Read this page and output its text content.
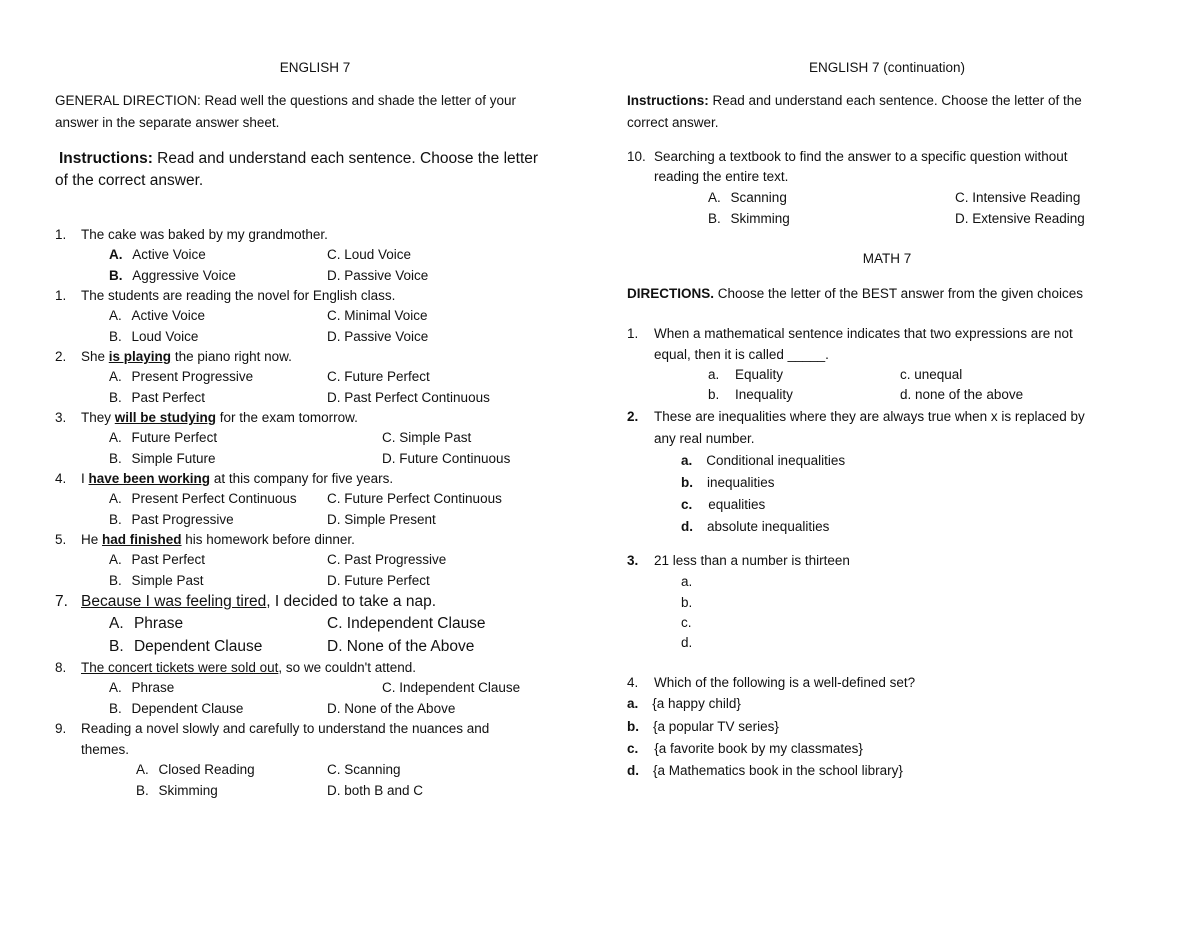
ENGLISH 7
GENERAL DIRECTION: Read well the questions and shade the letter of your
answer in the separate answer sheet.
Instructions: Read and understand each sentence. Choose the letter
of the correct answer.
1. The cake was baked by my grandmother.
A. Active Voice	C. Loud Voice
B. Aggressive Voice	D. Passive Voice
1. The students are reading the novel for English class.
A. Active Voice	C. Minimal Voice
B. Loud Voice	D. Passive Voice
2. She is playing the piano right now.
A. Present Progressive	C. Future Perfect
B. Past Perfect	D. Past Perfect Continuous
3. They will be studying for the exam tomorrow.
A. Future Perfect	C. Simple Past
B. Simple Future	D. Future Continuous
4. I have been working at this company for five years.
A. Present Perfect Continuous C. Future Perfect Continuous
B. Past Progressive	D. Simple Present
5. He had finished his homework before dinner.
A. Past Perfect	C. Past Progressive
B. Simple Past	D. Future Perfect
7. Because I was feeling tired, I decided to take a nap.
A. Phrase	C. Independent Clause
B. Dependent Clause	D. None of the Above
8. The concert tickets were sold out, so we couldn't attend.
A. Phrase	C. Independent Clause
B. Dependent Clause	D. None of the Above
9. Reading a novel slowly and carefully to understand the nuances and
themes.
A. Closed Reading	C. Scanning
B. Skimming	D. both B and C
ENGLISH 7 (continuation)
Instructions: Read and understand each sentence. Choose the letter of the
correct answer.
10. Searching a textbook to find the answer to a specific question without
reading the entire text.
A. Scanning	C. Intensive Reading
B. Skimming	D. Extensive Reading
MATH 7
DIRECTIONS. Choose the letter of the BEST answer from the given choices
1. When a mathematical sentence indicates that two expressions are not
equal, then it is called _____.
a. Equality	c. unequal
b. Inequality	d. none of the above
2. These are inequalities where they are always true when x is replaced by
any real number.
a. Conditional inequalities
b. inequalities
c. equalities
d. absolute inequalities
3. 21 less than a number is thirteen
a.
b.
c.
d.
4. Which of the following is a well-defined set?
a. {a happy child}
b. {a popular TV series}
c. {a favorite book by my classmates}
d. {a Mathematics book in the school library}
